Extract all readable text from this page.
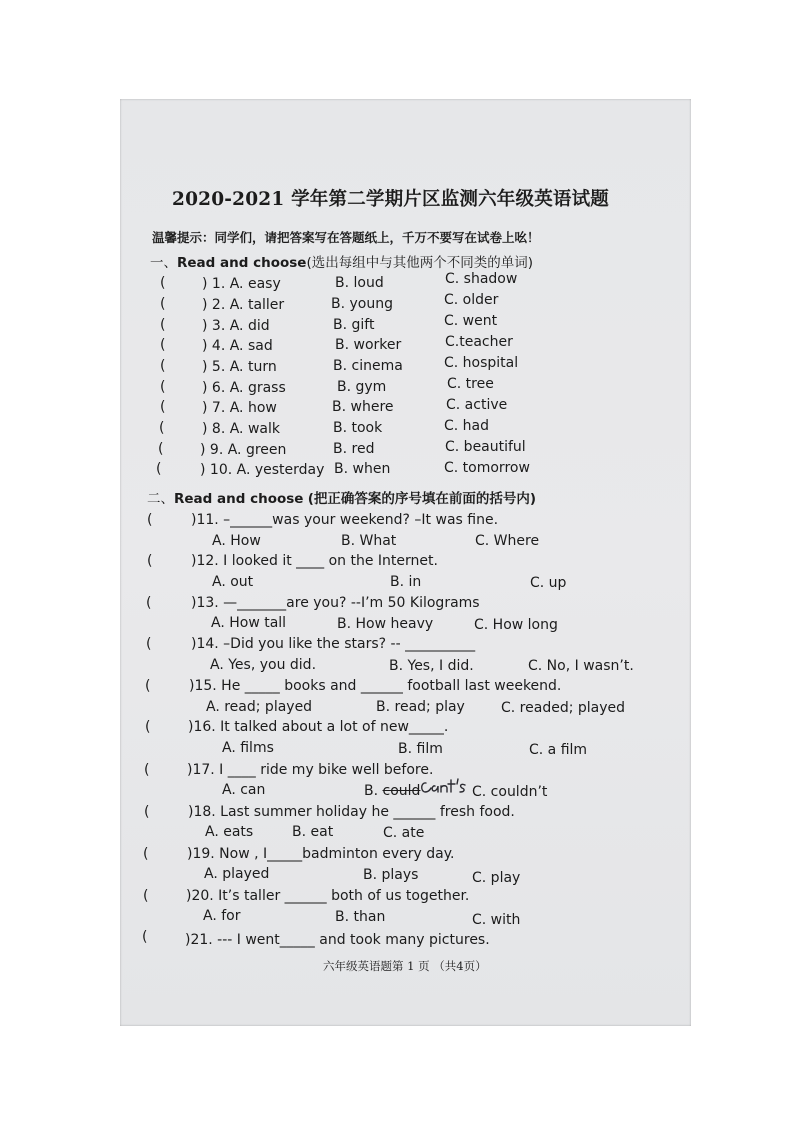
2020-2021 学年第二学期片区监测六年级英语试题
温馨提示：同学们，请把答案写在答题纸上，千万不要写在试卷上吆！
一、Read and choose(选出每组中与其他两个不同类的单词)
(	) 1. A. easy	B. loud	C. shadow
(	) 2. A. taller	B. young	C. older
(	) 3. A. did	B. gift	C. went
(	) 4. A. sad	B. worker	C.teacher
(	) 5. A. turn	B. cinema	C. hospital
(	) 6. A. grass	B. gym	C. tree
(	) 7. A. how	B. where	C. active
(	) 8. A. walk	B. took	C. had
(	) 9. A. green	B. red	C. beautiful
(	) 10. A. yesterday B. when	C. tomorrow
二、Read and choose (把正确答案的序号填在前面的括号内)
(	)11. –______was your weekend? –It was fine.
A. How	B. What	C. Where
(	)12. I looked it ____ on the Internet.
A. out	B. in	C. up
(	)13. —_______are you? --I’m 50 Kilograms
A. How tall	B. How heavy	C. How long
(	)14. –Did you like the stars? -- __________
A. Yes, you did.	B. Yes, I did.	C. No, I wasn’t.
(	)15. He _____ books and ______ football last weekend.
A. read; played	B. read; play	C. readed; played
(	)16. It talked about a lot of new_____.
A. films	B. film	C. a film
(	)17. I ____ ride my bike well before.
A. can	B. could	C. couldn’t
(	)18. Last summer holiday he ______ fresh food.
A. eats	B. eat	C. ate
(	)19. Now , I_____badminton every day.
A. played	B. plays	C. play
(	)20. It’s taller ______ both of us together.
A. for	B. than	C. with
(	)21. --- I went_____ and took many pictures.
六年级英语题第 1 页 （共4页）
